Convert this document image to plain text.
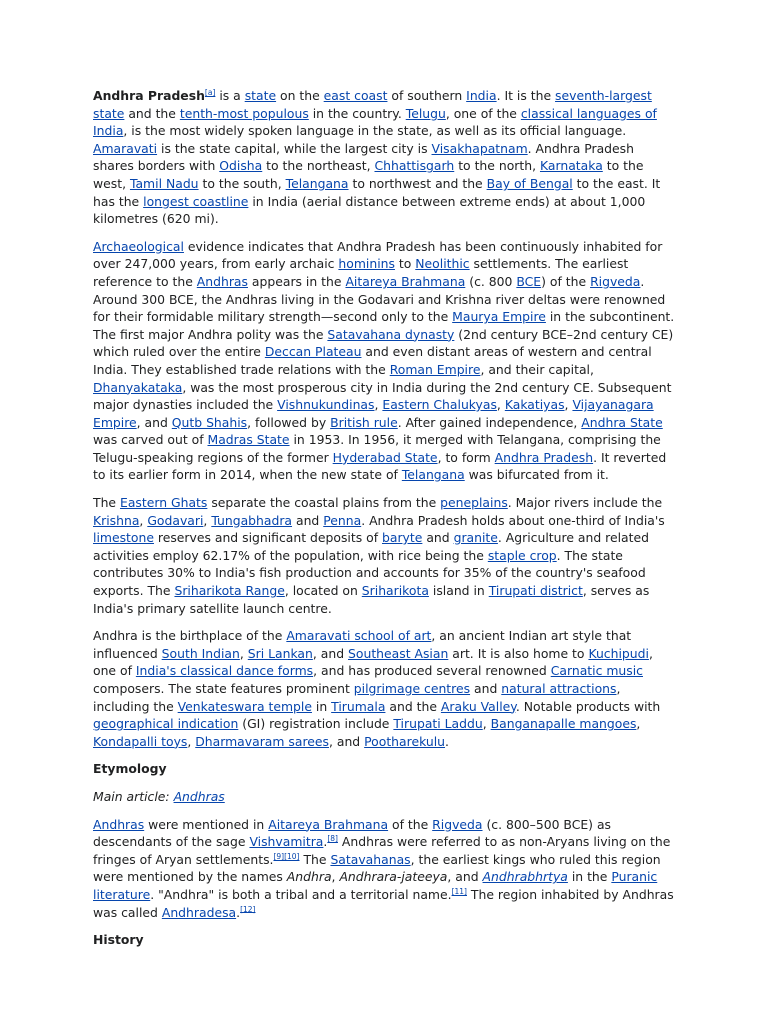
Andhra Pradesh[a] is a state on the east coast of southern India. It is the seventh-largest state and the tenth-most populous in the country. Telugu, one of the classical languages of India, is the most widely spoken language in the state, as well as its official language. Amaravati is the state capital, while the largest city is Visakhapatnam. Andhra Pradesh shares borders with Odisha to the northeast, Chhattisgarh to the north, Karnataka to the west, Tamil Nadu to the south, Telangana to northwest and the Bay of Bengal to the east. It has the longest coastline in India (aerial distance between extreme ends) at about 1,000 kilometres (620 mi).

Archaeological evidence indicates that Andhra Pradesh has been continuously inhabited for over 247,000 years, from early archaic hominins to Neolithic settlements. The earliest reference to the Andhras appears in the Aitareya Brahmana (c. 800 BCE) of the Rigveda. Around 300 BCE, the Andhras living in the Godavari and Krishna river deltas were renowned for their formidable military strength—second only to the Maurya Empire in the subcontinent. The first major Andhra polity was the Satavahana dynasty (2nd century BCE–2nd century CE) which ruled over the entire Deccan Plateau and even distant areas of western and central India. They established trade relations with the Roman Empire, and their capital, Dhanyakataka, was the most prosperous city in India during the 2nd century CE. Subsequent major dynasties included the Vishnukundinas, Eastern Chalukyas, Kakatiyas, Vijayanagara Empire, and Qutb Shahis, followed by British rule. After gained independence, Andhra State was carved out of Madras State in 1953. In 1956, it merged with Telangana, comprising the Telugu-speaking regions of the former Hyderabad State, to form Andhra Pradesh. It reverted to its earlier form in 2014, when the new state of Telangana was bifurcated from it.

The Eastern Ghats separate the coastal plains from the peneplains. Major rivers include the Krishna, Godavari, Tungabhadra and Penna. Andhra Pradesh holds about one-third of India's limestone reserves and significant deposits of baryte and granite. Agriculture and related activities employ 62.17% of the population, with rice being the staple crop. The state contributes 30% to India's fish production and accounts for 35% of the country's seafood exports. The Sriharikota Range, located on Sriharikota island in Tirupati district, serves as India's primary satellite launch centre.

Andhra is the birthplace of the Amaravati school of art, an ancient Indian art style that influenced South Indian, Sri Lankan, and Southeast Asian art. It is also home to Kuchipudi, one of India's classical dance forms, and has produced several renowned Carnatic music composers. The state features prominent pilgrimage centres and natural attractions, including the Venkateswara temple in Tirumala and the Araku Valley. Notable products with geographical indication (GI) registration include Tirupati Laddu, Banganapalle mangoes, Kondapalli toys, Dharmavaram sarees, and Pootharekulu.

Etymology
Main article: Andhras

Andhras were mentioned in Aitareya Brahmana of the Rigveda (c. 800–500 BCE) as descendants of the sage Vishvamitra.[8] Andhras were referred to as non-Aryans living on the fringes of Aryan settlements.[9][10] The Satavahanas, the earliest kings who ruled this region were mentioned by the names Andhra, Andhrara-jateeya, and Andhrabhrtya in the Puranic literature. "Andhra" is both a tribal and a territorial name.[11] The region inhabited by Andhras was called Andhradesa.[12]

History
